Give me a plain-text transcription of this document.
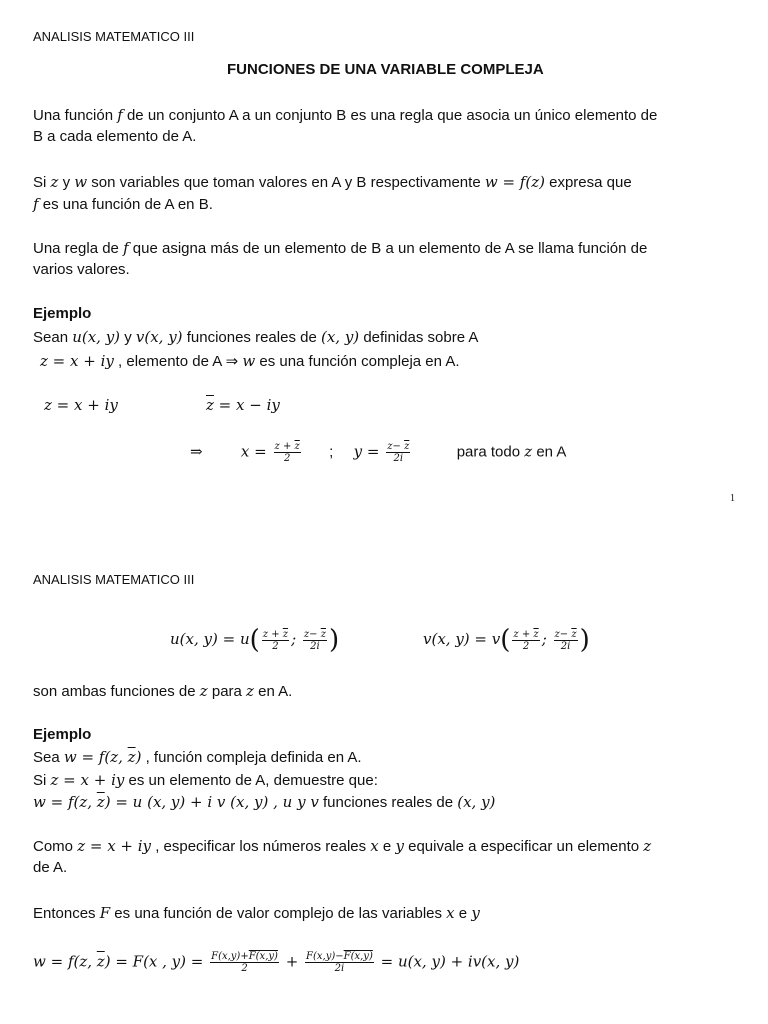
ANALISIS MATEMATICO III
FUNCIONES DE UNA VARIABLE COMPLEJA
Una función f de un conjunto A a un conjunto B es una regla que asocia un único elemento de
B a cada elemento de A.
Si z y w son variables que toman valores en A y B respectivamente w = f(z) expresa que
f es una función de A en B.
Una regla de f que asigna más de un elemento de B a un elemento de A se llama función de
varios valores.
Ejemplo
Sean u(x, y) y v(x, y) funciones reales de (x, y) definidas sobre A
z = x + iy , elemento de A ⇒ w es una función compleja en A.
z = x + iy	$\overline{z} = x$ − iy
⇒	$x = \frac{z + \overline{z}}{2}$ ; $y = \frac{z- \overline{z}}{2i}$	para todo z en A
1
ANALISIS MATEMATICO III
u(x, $y) = u( \frac{z + \overline{z}}{2}$ ; $\frac{z- \overline{z}}{2i}$ )	v(x, $y) = v( \frac{z + \overline{z}}{2}$ ; $\frac{z- \overline{z}}{2i}$ )
son ambas funciones de z para z en A.
Ejemplo
Sea w = f(z, $\overline{z}$) , función compleja definida en A.
Si z = x + iy es un elemento de A, demuestre que:
w = f(z, $\overline{z}) = u$ (x, y) + i v (x, y) , u y v funciones reales de (x, y)
Como z = x + iy , especificar los números reales x e y equivale a especificar un elemento z
de A.
Entonces F es una función de valor complejo de las variables x e y
w = f(z, $\overline{z}) = F(x$ , $y) = \frac{F(x,y)+F(x,y)}{2} + \frac{F(x,y)-F(x,y)}{2i} = u(x$, y) + iv(x, y)
